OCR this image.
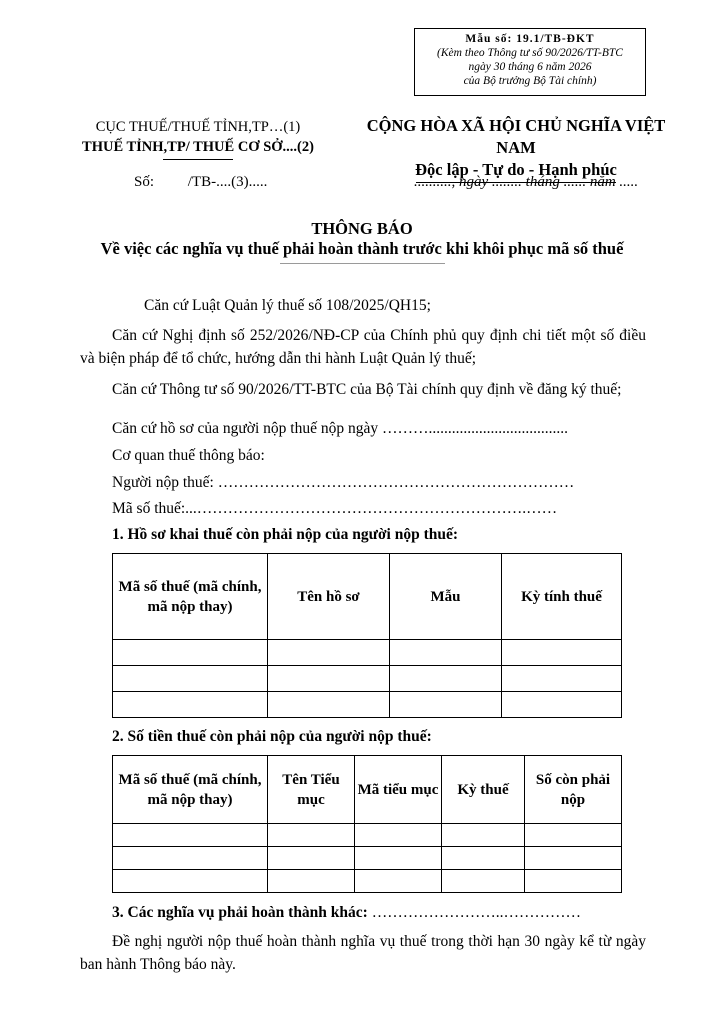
Mẫu số: 19.1/TB-ĐKT
(Kèm theo Thông tư số 90/2026/TT-BTC
ngày 30 tháng 6 năm 2026
của Bộ trưởng Bộ Tài chính)
CỤC THUẾ/THUẾ TỈNH,TP…(1)
THUẾ TỈNH,TP/ THUẾ CƠ SỞ....(2)
CỘNG HÒA XÃ HỘI CHỦ NGHĨA VIỆT NAM
Độc lập - Tự do - Hạnh phúc
Số: /TB-....(3).....	.........., ngày ........ tháng ...... năm .....
THÔNG BÁO
Về việc các nghĩa vụ thuế phải hoàn thành trước khi khôi phục mã số thuế
Căn cứ Luật Quản lý thuế số 108/2025/QH15;
Căn cứ Nghị định số 252/2026/NĐ-CP của Chính phủ quy định chi tiết một số điều và biện pháp để tổ chức, hướng dẫn thi hành Luật Quản lý thuế;
Căn cứ Thông tư số 90/2026/TT-BTC của Bộ Tài chính quy định về đăng ký thuế;
Căn cứ hồ sơ của người nộp thuế nộp ngày ………....................................
Cơ quan thuế thông báo:
Người nộp thuế: ……………………………………………………………
Mã số thuế:...……………………………………………………….……
1. Hồ sơ khai thuế còn phải nộp của người nộp thuế:
Mã số thuế (mã chính, mã nộp thay)	Tên hồ sơ	Mẫu	Kỳ tính thuế

2. Số tiền thuế còn phải nộp của người nộp thuế:
Mã số thuế (mã chính, mã nộp thay)	Tên Tiểu mục	Mã tiểu mục	Kỳ thuế	Số còn phải nộp

3. Các nghĩa vụ phải hoàn thành khác: ……………………..……………
Đề nghị người nộp thuế hoàn thành nghĩa vụ thuế trong thời hạn 30 ngày kể từ ngày ban hành Thông báo này.
